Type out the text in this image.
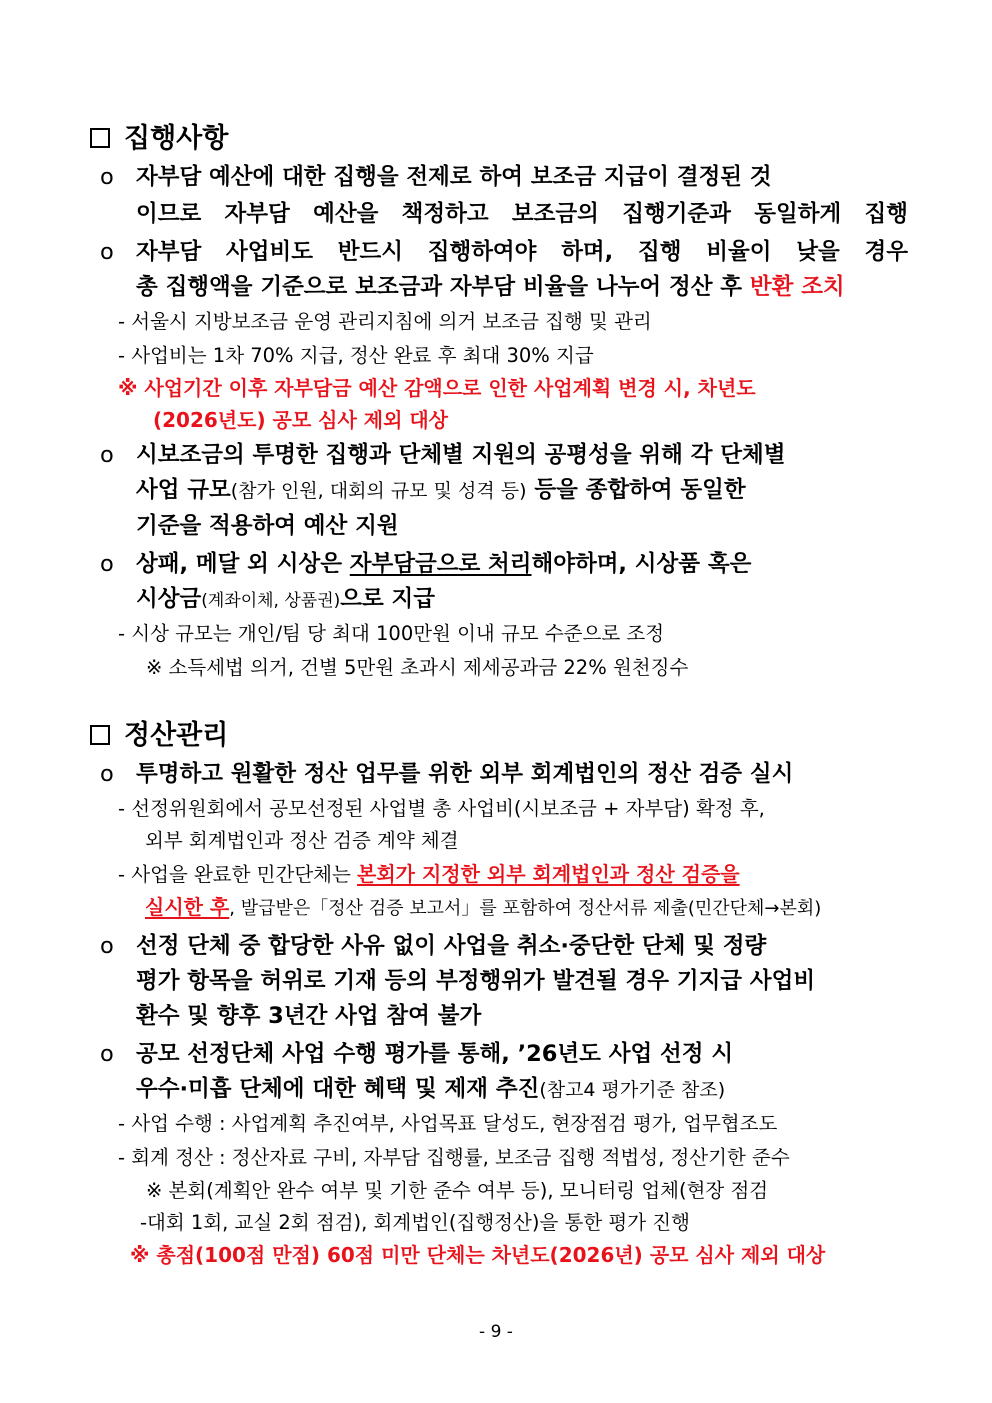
집행사항
o 자부담 예산에 대한 집행을 전제로 하여 보조금 지급이 결정된 것
이므로 자부담 예산을 책정하고 보조금의 집행기준과 동일하게 집행
o 자부담 사업비도 반드시 집행하여야 하며, 집행 비율이 낮을 경우
총 집행액을 기준으로 보조금과 자부담 비율을 나누어 정산 후 반환 조치
- 서울시 지방보조금 운영 관리지침에 의거 보조금 집행 및 관리
- 사업비는 1차 70% 지급, 정산 완료 후 최대 30% 지급
※ 사업기간 이후 자부담금 예산 감액으로 인한 사업계획 변경 시, 차년도
(2026년도) 공모 심사 제외 대상
o 시보조금의 투명한 집행과 단체별 지원의 공평성을 위해 각 단체별
사업 규모(참가 인원, 대회의 규모 및 성격 등) 등을 종합하여 동일한
기준을 적용하여 예산 지원
o 상패, 메달 외 시상은 자부담금으로 처리해야하며, 시상품 혹은
시상금(계좌이체, 상품권)으로 지급
- 시상 규모는 개인/팀 당 최대 100만원 이내 규모 수준으로 조정
※ 소득세법 의거, 건별 5만원 초과시 제세공과금 22% 원천징수
정산관리
o 투명하고 원활한 정산 업무를 위한 외부 회계법인의 정산 검증 실시
- 선정위원회에서 공모선정된 사업별 총 사업비(시보조금 + 자부담) 확정 후,
외부 회계법인과 정산 검증 계약 체결
- 사업을 완료한 민간단체는 본회가 지정한 외부 회계법인과 정산 검증을
실시한 후, 발급받은「정산 검증 보고서」를 포함하여 정산서류 제출(민간단체→본회)
o 선정 단체 중 합당한 사유 없이 사업을 취소·중단한 단체 및 정량
평가 항목을 허위로 기재 등의 부정행위가 발견될 경우 기지급 사업비
환수 및 향후 3년간 사업 참여 불가
o 공모 선정단체 사업 수행 평가를 통해, ’26년도 사업 선정 시
우수·미흡 단체에 대한 혜택 및 제재 추진(참고4 평가기준 참조)
- 사업 수행 : 사업계획 추진여부, 사업목표 달성도, 현장점검 평가, 업무협조도
- 회계 정산 : 정산자료 구비, 자부담 집행률, 보조금 집행 적법성, 정산기한 준수
※ 본회(계획안 완수 여부 및 기한 준수 여부 등), 모니터링 업체(현장 점검
-대회 1회, 교실 2회 점검), 회계법인(집행정산)을 통한 평가 진행
※ 총점(100점 만점) 60점 미만 단체는 차년도(2026년) 공모 심사 제외 대상
- 9 -
